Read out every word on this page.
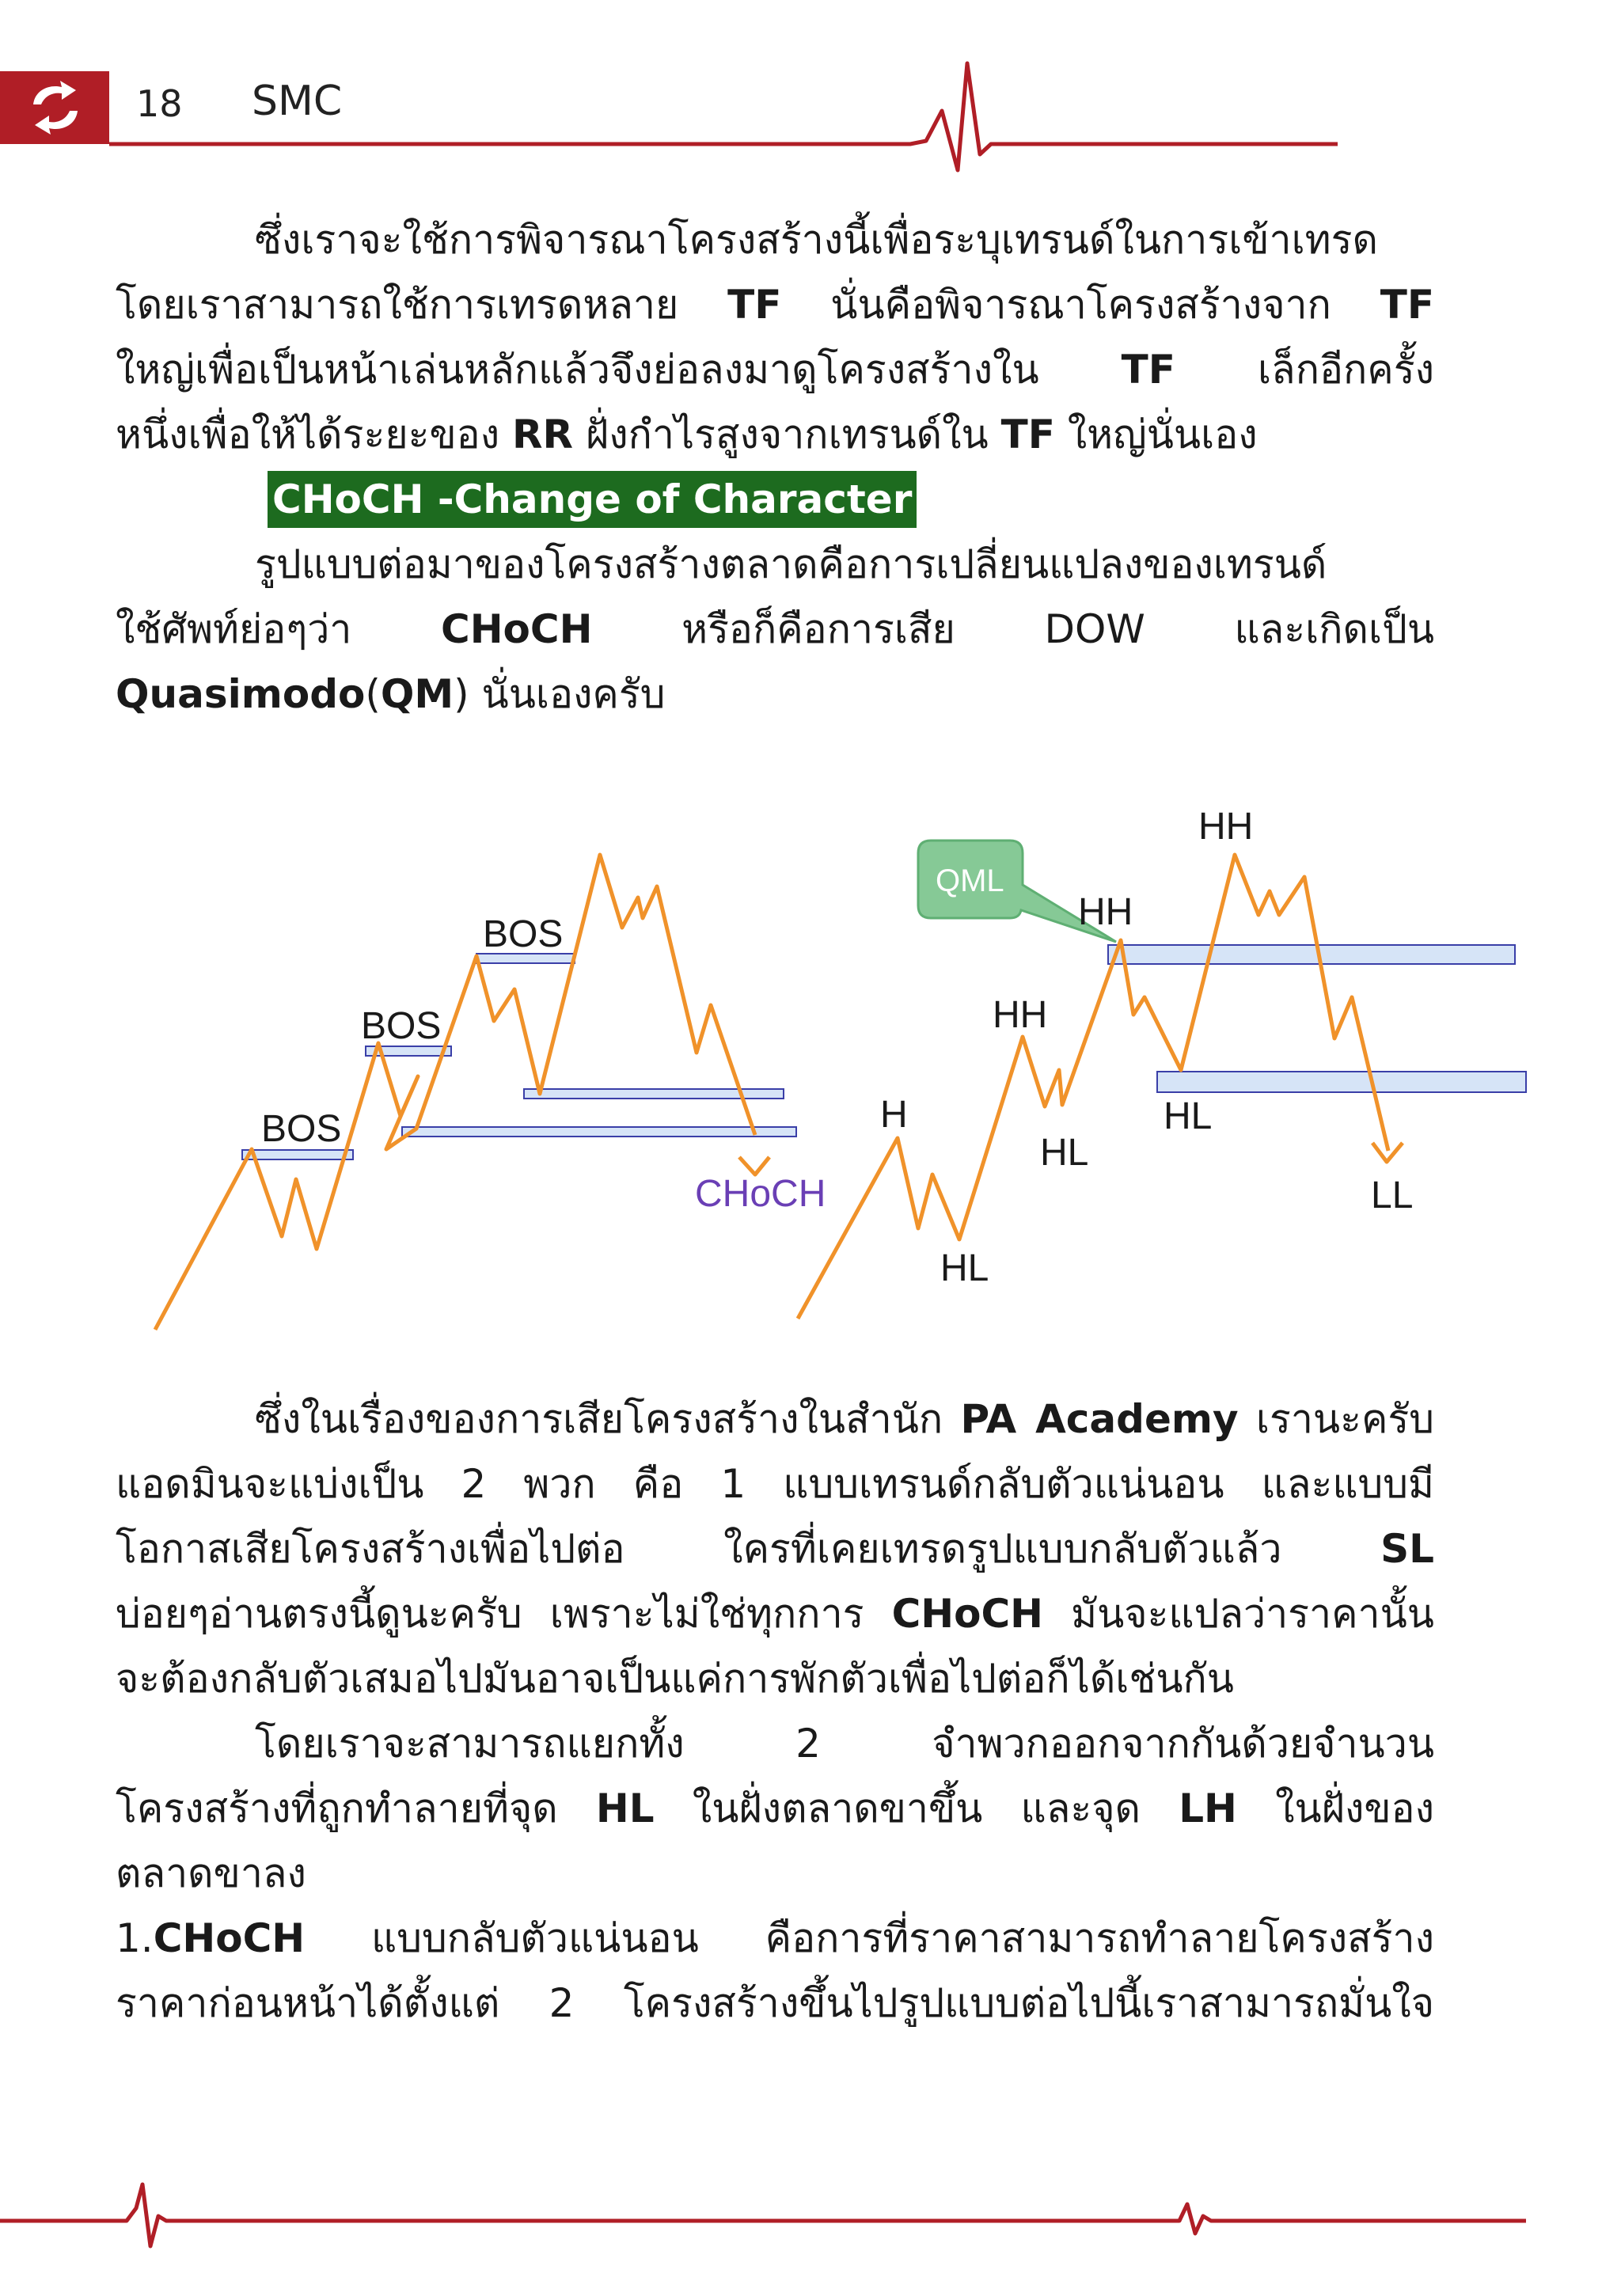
18 SMC

ซึ่งเราจะใช้การพิจารณาโครงสร้างนี้เพื่อระบุเทรนด์ในการเข้าเทรด

โดยเราสามารถใช้การเทรดหลาย TF นั่นคือพิจารณาโครงสร้างจาก TF

ใหญ่เพื่อเป็นหน้าเล่นหลักแล้วจึงย่อลงมาดูโครงสร้างใน TF เล็กอีกครั้ง

หนึ่งเพื่อให้ได้ระยะของ RR ฝั่งกำไรสูงจากเทรนด์ใน TF ใหญ่นั่นเอง

CHoCH -Change of Character

รูปแบบต่อมาของโครงสร้างตลาดคือการเปลี่ยนแปลงของเทรนด์

ใช้ศัพท์ย่อๆว่า CHoCH หรือก็คือการเสีย DOW และเกิดเป็น

Quasimodo(QM) นั่นเองครับ

BOS
BOS
BOS
CHoCH
QML
H
HL
HH
HL
HH
HL
HH
LL

ซึ่งในเรื่องของการเสียโครงสร้างในสำนัก PA Academy เรานะครับ

แอดมินจะแบ่งเป็น 2 พวก คือ 1 แบบเทรนด์กลับตัวแน่นอน และแบบมี

โอกาสเสียโครงสร้างเพื่อไปต่อ ใครที่เคยเทรดรูปแบบกลับตัวแล้ว SL

บ่อยๆอ่านตรงนี้ดูนะครับ เพราะไม่ใช่ทุกการ CHoCH มันจะแปลว่าราคานั้น

จะต้องกลับตัวเสมอไปมันอาจเป็นแค่การพักตัวเพื่อไปต่อก็ได้เช่นกัน

โดยเราจะสามารถแยกทั้ง 2 จำพวกออกจากกันด้วยจำนวน

โครงสร้างที่ถูกทำลายที่จุด HL ในฝั่งตลาดขาขึ้น และจุด LH ในฝั่งของ

ตลาดขาลง

1.CHoCH แบบกลับตัวแน่นอน คือการที่ราคาสามารถทำลายโครงสร้าง

ราคาก่อนหน้าได้ตั้งแต่ 2 โครงสร้างขึ้นไปรูปแบบต่อไปนี้เราสามารถมั่นใจ
